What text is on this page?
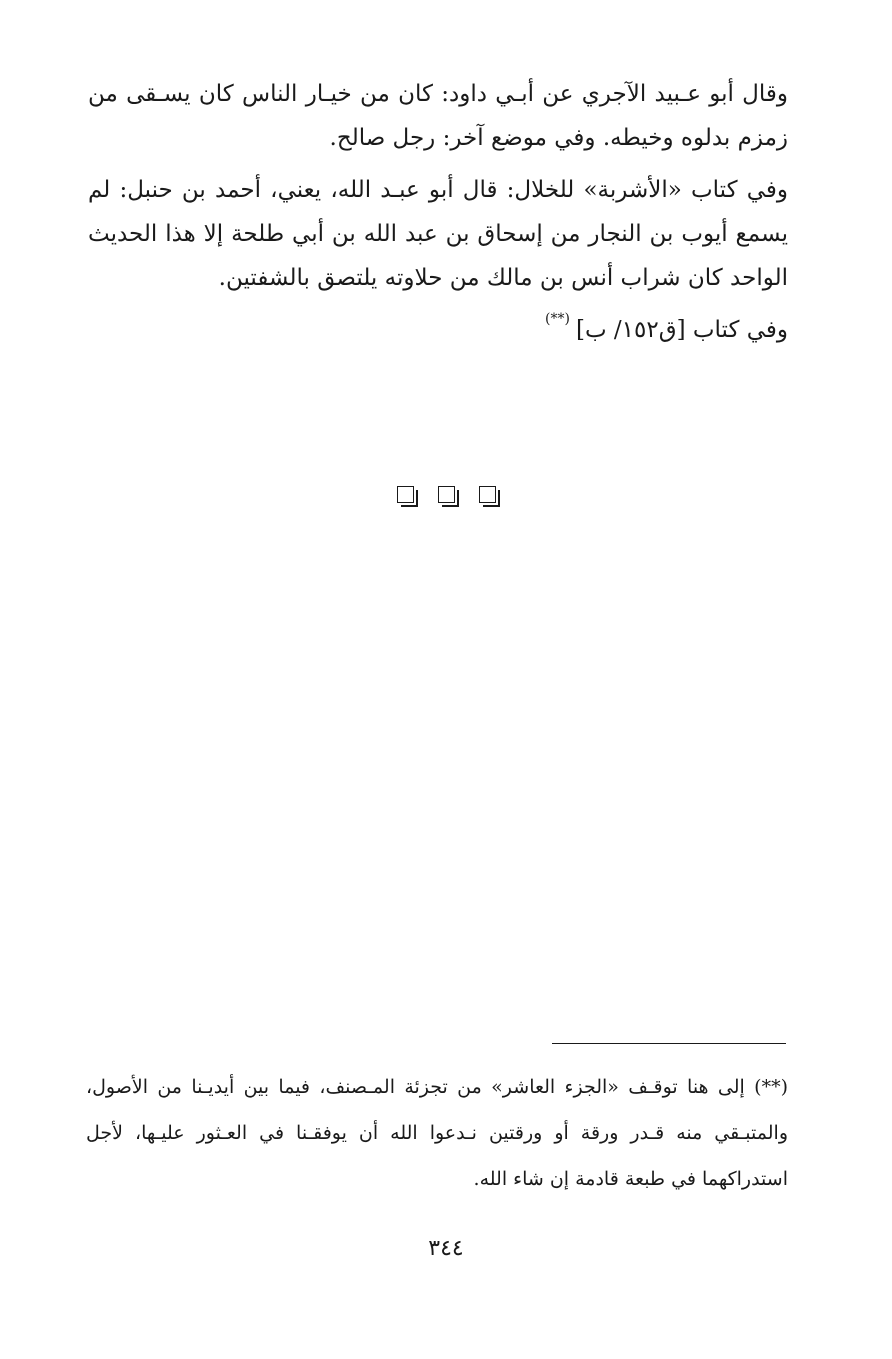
وقال أبو عـبيد الآجري عن أبـي داود: كان من خيـار الناس كان يسـقى من زمزم بدلوه وخيطه. وفي موضع آخر: رجل صالح.

وفي كتاب «الأشربة» للخلال: قال أبو عبـد الله، يعني، أحمد بن حنبل: لم يسمع أيوب بن النجار من إسحاق بن عبد الله بن أبي طلحة إلا هذا الحديث الواحد كان شراب أنس بن مالك من حلاوته يلتصق بالشفتين.

وفي كتاب [ق١٥٢/ ب](**)

(**) إلى هنا توقـف «الجزء العاشر» من تجزئة المـصنف، فيما بين أيديـنا من الأصول، والمتبـقي منه قـدر ورقة أو ورقتين نـدعوا الله أن يوفقـنا في العـثور عليـها، لأجل استدراكهما في طبعة قادمة إن شاء الله.

٣٤٤
